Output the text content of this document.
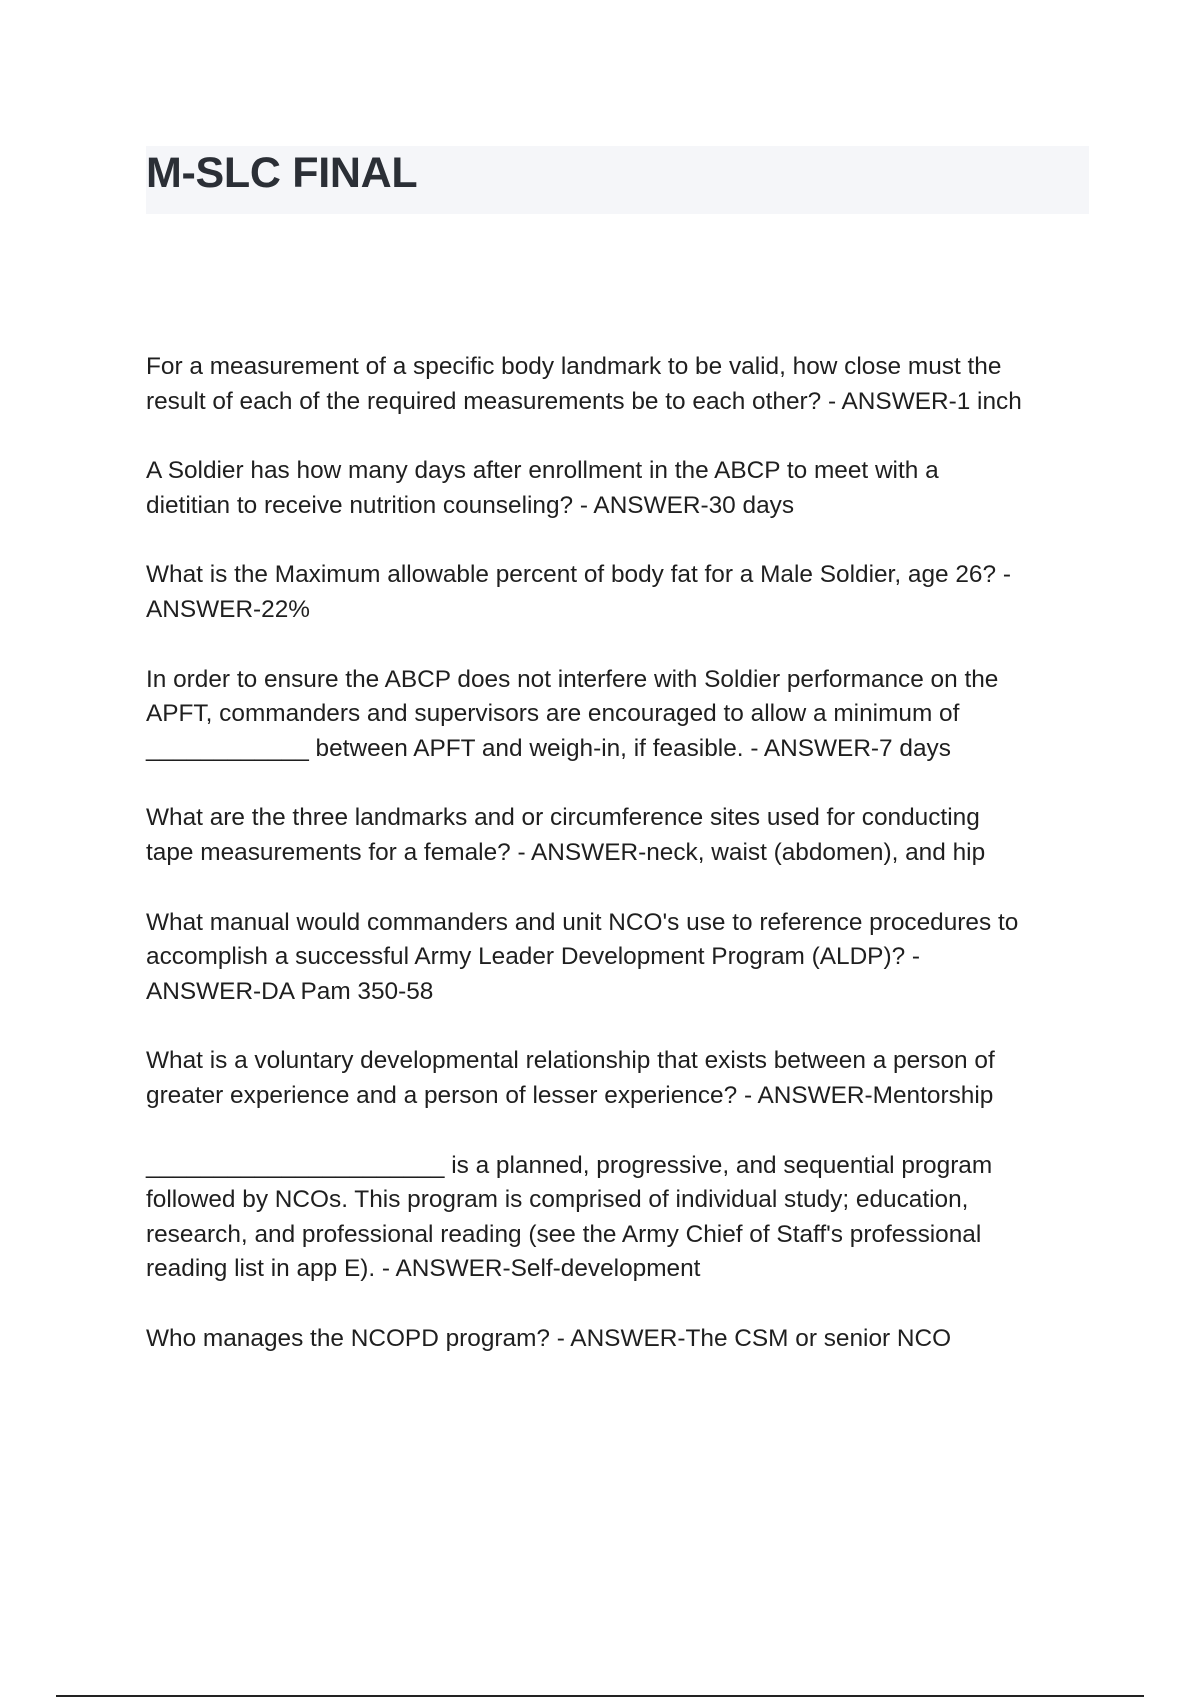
M-SLC FINAL

For a measurement of a specific body landmark to be valid, how close must the
result of each of the required measurements be to each other? - ANSWER-1 inch

A Soldier has how many days after enrollment in the ABCP to meet with a
dietitian to receive nutrition counseling? - ANSWER-30 days

What is the Maximum allowable percent of body fat for a Male Soldier, age 26? -
ANSWER-22%

In order to ensure the ABCP does not interfere with Soldier performance on the
APFT, commanders and supervisors are encouraged to allow a minimum of
____________ between APFT and weigh-in, if feasible. - ANSWER-7 days

What are the three landmarks and or circumference sites used for conducting
tape measurements for a female? - ANSWER-neck, waist (abdomen), and hip

What manual would commanders and unit NCO's use to reference procedures to
accomplish a successful Army Leader Development Program (ALDP)? -
ANSWER-DA Pam 350-58

What is a voluntary developmental relationship that exists between a person of
greater experience and a person of lesser experience? - ANSWER-Mentorship

______________________ is a planned, progressive, and sequential program
followed by NCOs. This program is comprised of individual study; education,
research, and professional reading (see the Army Chief of Staff's professional
reading list in app E). - ANSWER-Self-development

Who manages the NCOPD program? - ANSWER-The CSM or senior NCO
